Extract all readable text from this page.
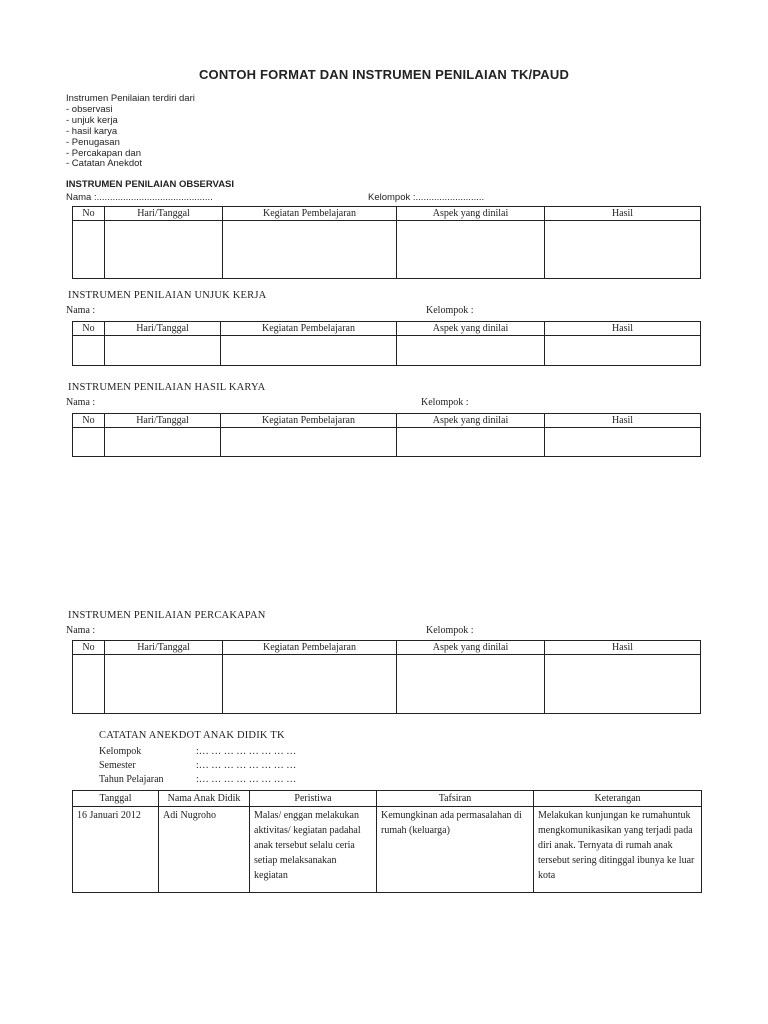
CONTOH FORMAT DAN INSTRUMEN PENILAIAN TK/PAUD
Instrumen Penilaian terdiri dari
- observasi
- unjuk kerja
- hasil karya
- Penugasan
- Percakapan dan
- Catatan Anekdot
INSTRUMEN PENILAIAN OBSERVASI
Nama :............................................	Kelompok :..........................
No	Hari/Tanggal	Kegiatan Pembelajaran	Aspek yang dinilai	Hasil

INSTRUMEN PENILAIAN UNJUK KERJA
Nama :	Kelompok :
No	Hari/Tanggal	Kegiatan Pembelajaran	Aspek yang dinilai	Hasil

INSTRUMEN PENILAIAN HASIL KARYA
Nama :	Kelompok :
No	Hari/Tanggal	Kegiatan Pembelajaran	Aspek yang dinilai	Hasil

INSTRUMEN PENILAIAN PERCAKAPAN
Nama :	Kelompok :
No	Hari/Tanggal	Kegiatan Pembelajaran	Aspek yang dinilai	Hasil

CATATAN ANEKDOT ANAK DIDIK TK
Kelompok	:… … … … … … … …
Semester	:… … … … … … … …
Tahun Pelajaran	:… … … … … … … …
Tanggal	Nama Anak Didik	Peristiwa	Tafsiran	Keterangan
16 Januari 2012	Adi Nugroho	Malas/ enggan melakukan aktivitas/ kegiatan padahal anak tersebut selalu ceria setiap melaksanakan kegiatan	Kemungkinan ada permasalahan di rumah (keluarga)	Melakukan kunjungan ke rumahuntuk mengkomunikasikan yang terjadi pada diri anak. Ternyata di rumah anak tersebut sering ditinggal ibunya ke luar kota
